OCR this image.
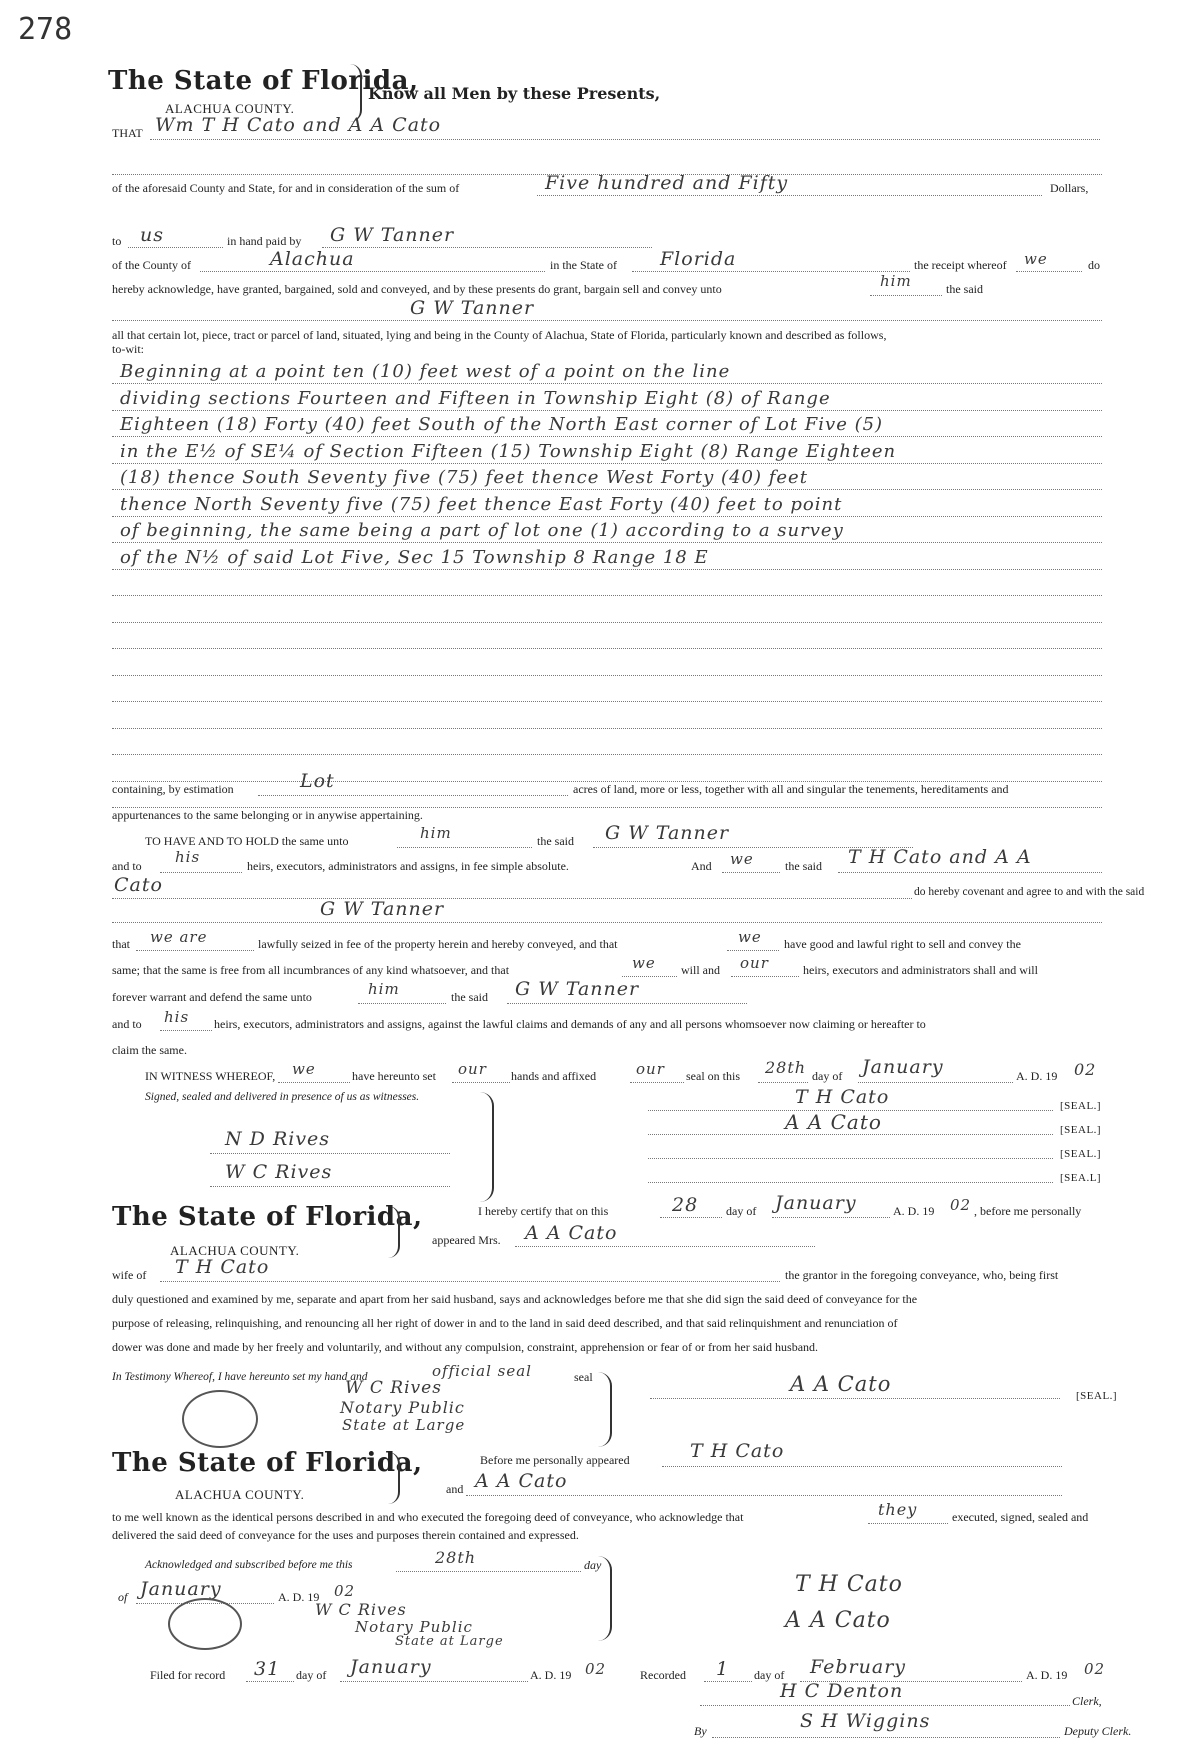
278
The State of Florida,
Know all Men by these Presents,
ALACHUA COUNTY.
THAT Wm T H Cato and A A Cato
of the aforesaid County and State, for and in consideration of the sum of	Five hundred and Fifty	Dollars,
to us	in hand paid by G W Tanner
of the County of	Alachua	in the State of Florida	the receipt whereof we	do
hereby acknowledge, have granted, bargained, sold and conveyed, and by these presents do grant, bargain sell and convey unto	him	the said
G W Tanner
all that certain lot, piece, tract or parcel of land, situated, lying and being in the County of Alachua, State of Florida, particularly known and described as follows,
to-wit:
Beginning at a point ten (10) feet west of a point on the line
dividing sections Fourteen and Fifteen in Township Eight (8) of Range
Eighteen (18) Forty (40) feet South of the North East corner of Lot Five (5)
in the E½ of SE¼ of Section Fifteen (15) Township Eight (8) Range Eighteen
(18) thence South Seventy five (75) feet thence West Forty (40) feet
thence North Seventy five (75) feet thence East Forty (40) feet to point
of beginning, the same being a part of lot one (1) according to a survey
of the N½ of said Lot Five, Sec 15 Township 8 Range 18 E
containing, by estimation	Lot	acres of land, more or less, together with all and singular the tenements, hereditaments and
appurtenances to the same belonging or in anywise appertaining.
TO HAVE AND TO HOLD the same unto	him	the said G W Tanner
and to his	heirs, executors, administrators and assigns, in fee simple absolute.	And we	the said T H Cato and A A
Cato	do hereby covenant and agree to and with the said
G W Tanner
that we are	lawfully seized in fee of the property herein and hereby conveyed, and that	we have good and lawful right to sell and convey the
same; that the same is free from all incumbrances of any kind whatsoever, and that	we will and our	heirs, executors and administrators shall and will
forever warrant and defend the same unto	him	the said G W Tanner
and to his heirs, executors, administrators and assigns, against the lawful claims and demands of any and all persons whomsoever now claiming or hereafter to
claim the same.
IN WITNESS WHEREOF, we	have hereunto set our hands and affixed	our seal on this 28th day of January	A. D. 19 02
Signed, sealed and delivered in presence of us as witnesses.
N D Rives
W C Rives
T H Cato	[SEAL.]
A A Cato	[SEAL.]
[SEAL.]
[SEA.L]
The State of Florida,
ALACHUA COUNTY.
I hereby certify that on this	28 day of January	A. D. 19 02 , before me personally
appeared Mrs. A A Cato
wife of T H Cato	the grantor in the foregoing conveyance, who, being first
duly questioned and examined by me, separate and apart from her said husband, says and acknowledges before me that she did sign the said deed of conveyance for the
purpose of releasing, relinquishing, and renouncing all her right of dower in and to the land in said deed described, and that said relinquishment and renunciation of
dower was done and made by her freely and voluntarily, and without any compulsion, constraint, apprehension or fear of or from her said husband.
In Testimony Whereof, I have hereunto set my hand and	official seal	seal
W C Rives
Notary Public
State at Large
A A Cato	[SEAL.]
The State of Florida,
ALACHUA COUNTY.
Before me personally appeared	T H Cato
and A A Cato
to me well known as the identical persons described in and who executed the foregoing deed of conveyance, who acknowledge that	they	executed, signed, sealed and
delivered the said deed of conveyance for the uses and purposes therein contained and expressed.
Acknowledged and subscribed before me this	28th	day
of January	A. D. 19 02
W C Rives
Notary Public
State at Large
T H Cato
A A Cato
Filed for record 31 day of January	A. D. 19 02	Recorded 1 day of February	A. D. 19 02
H C Denton	Clerk,
By	S H Wiggins	Deputy Clerk.
